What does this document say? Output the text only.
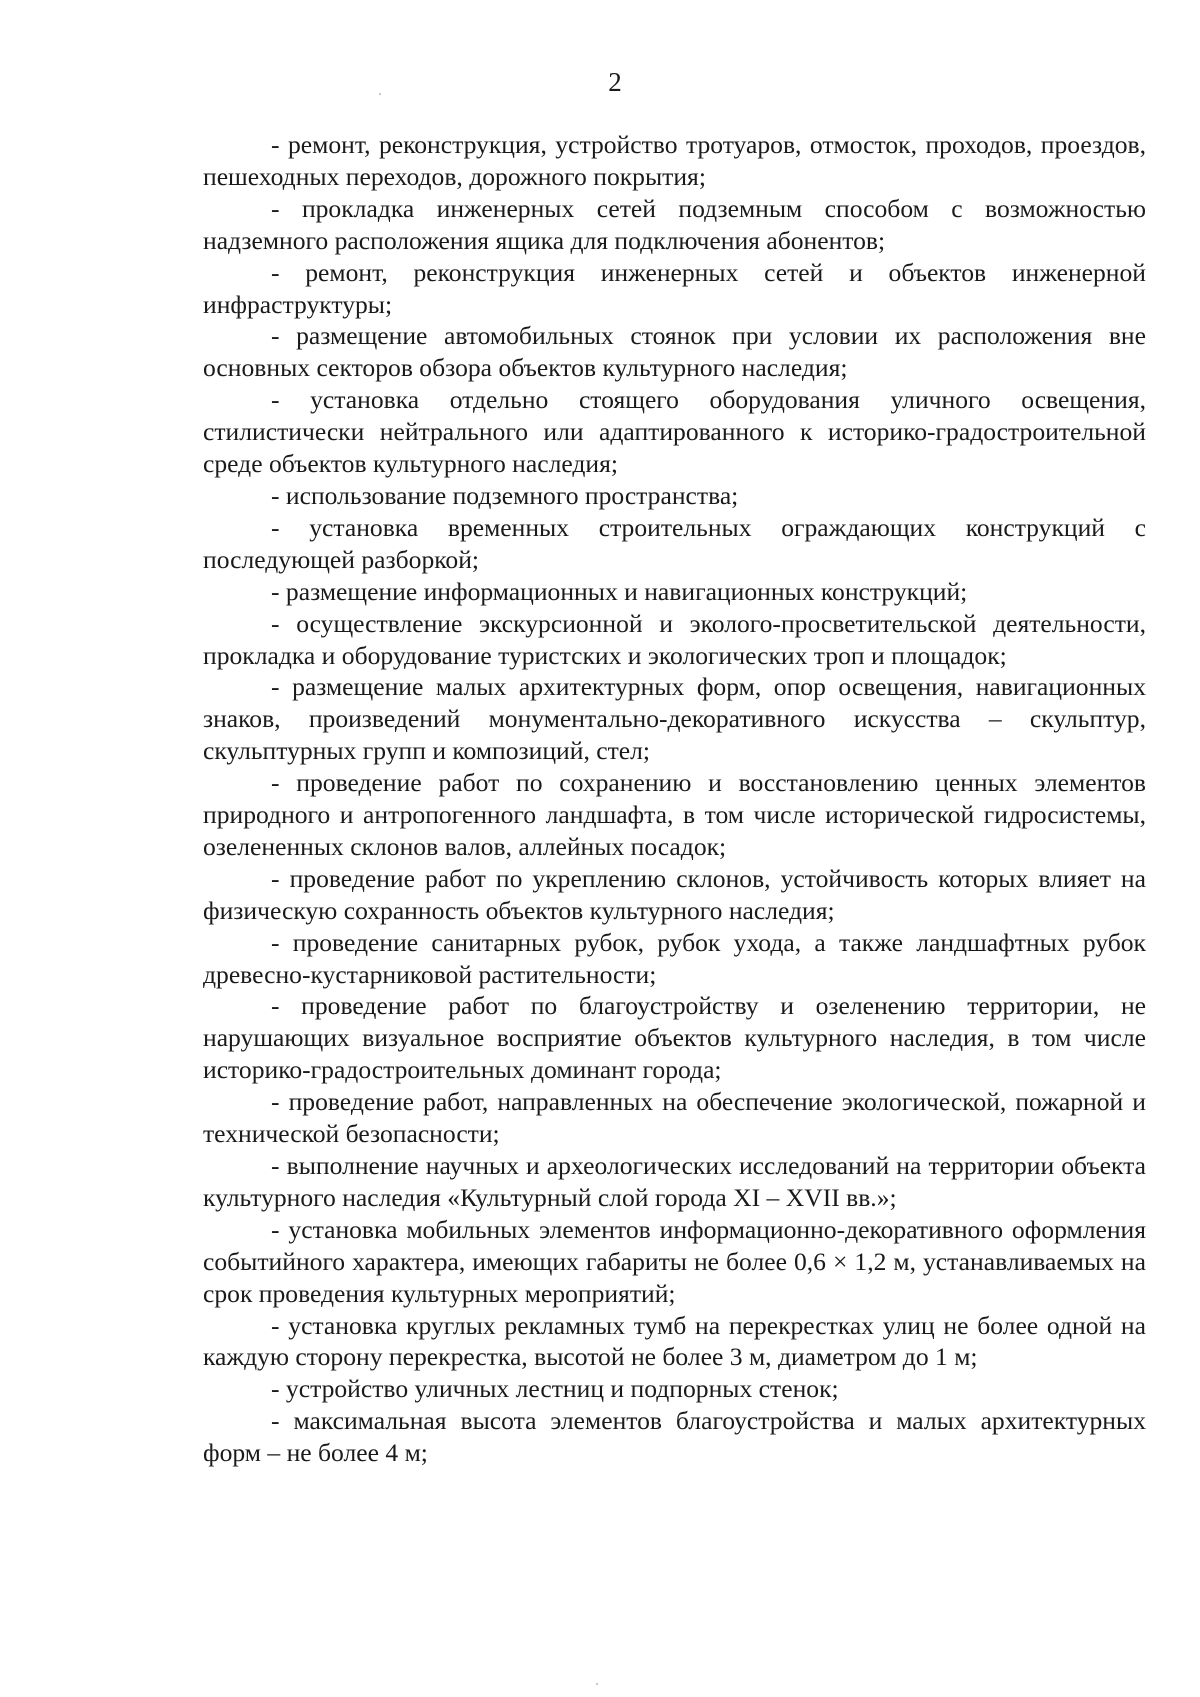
2

- ремонт, реконструкция, устройство тротуаров, отмосток, проходов, проездов, пешеходных переходов, дорожного покрытия;

- прокладка инженерных сетей подземным способом с возможностью надземного расположения ящика для подключения абонентов;

- ремонт, реконструкция инженерных сетей и объектов инженерной инфраструктуры;

- размещение автомобильных стоянок при условии их расположения вне основных секторов обзора объектов культурного наследия;

- установка отдельно стоящего оборудования уличного освещения, стилистически нейтрального или адаптированного к историко-градостроительной среде объектов культурного наследия;

- использование подземного пространства;

- установка временных строительных ограждающих конструкций с последующей разборкой;

- размещение информационных и навигационных конструкций;

- осуществление экскурсионной и эколого-просветительской деятельности, прокладка и оборудование туристских и экологических троп и площадок;

- размещение малых архитектурных форм, опор освещения, навигационных знаков, произведений монументально-декоративного искусства – скульптур, скульптурных групп и композиций, стел;

- проведение работ по сохранению и восстановлению ценных элементов природного и антропогенного ландшафта, в том числе исторической гидросистемы, озелененных склонов валов, аллейных посадок;

- проведение работ по укреплению склонов, устойчивость которых влияет на физическую сохранность объектов культурного наследия;

- проведение санитарных рубок, рубок ухода, а также ландшафтных рубок древесно-кустарниковой растительности;

- проведение работ по благоустройству и озеленению территории, не нарушающих визуальное восприятие объектов культурного наследия, в том числе историко-градостроительных доминант города;

- проведение работ, направленных на обеспечение экологической, пожарной и технической безопасности;

- выполнение научных и археологических исследований на территории объекта культурного наследия «Культурный слой города XI – XVII вв.»;

- установка мобильных элементов информационно-декоративного оформления событийного характера, имеющих габариты не более 0,6 × 1,2 м, устанавливаемых на срок проведения культурных мероприятий;

- установка круглых рекламных тумб на перекрестках улиц не более одной на каждую сторону перекрестка, высотой не более 3 м, диаметром до 1 м;

- устройство уличных лестниц и подпорных стенок;

- максимальная высота элементов благоустройства и малых архитектурных форм – не более 4 м;
